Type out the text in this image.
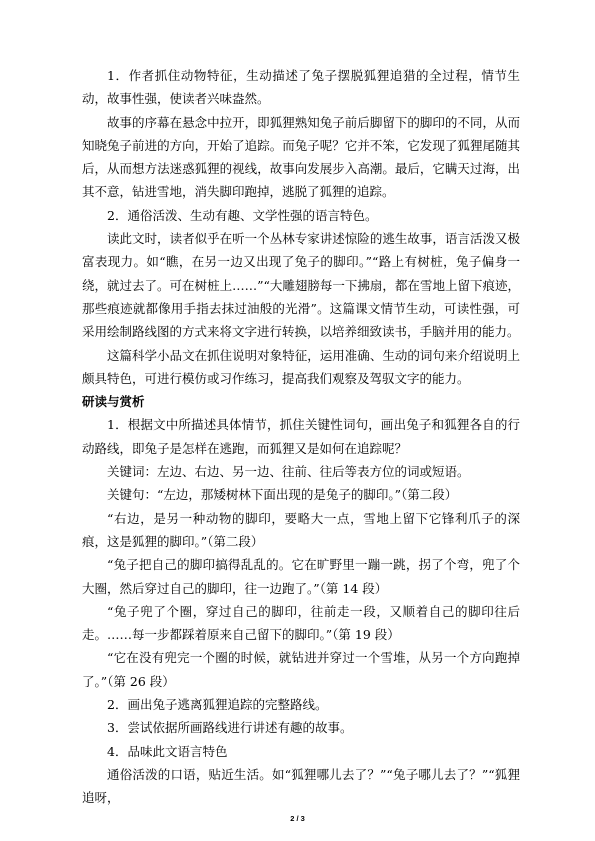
1．作者抓住动物特征，生动描述了兔子摆脱狐狸追猎的全过程，情节生动，故事性强，使读者兴味盎然。

故事的序幕在悬念中拉开，即狐狸熟知兔子前后脚留下的脚印的不同，从而知晓兔子前进的方向，开始了追踪。而兔子呢？它并不笨，它发现了狐狸尾随其后，从而想方法迷惑狐狸的视线，故事向发展步入高潮。最后，它瞒天过海，出其不意，钻进雪地，消失脚印跑掉，逃脱了狐狸的追踪。

2．通俗活泼、生动有趣、文学性强的语言特色。

读此文时，读者似乎在听一个丛林专家讲述惊险的逃生故事，语言活泼又极富表现力。如“瞧，在另一边又出现了兔子的脚印。”“路上有树桩，兔子偏身一绕，就过去了。可在树桩上……”“大雕翅膀每一下拂扇，都在雪地上留下痕迹，那些痕迹就都像用手指去抹过油般的光滑”。这篇课文情节生动，可读性强，可采用绘制路线图的方式来将文字进行转换，以培养细致读书，手脑并用的能力。

这篇科学小品文在抓住说明对象特征，运用准确、生动的词句来介绍说明上颇具特色，可进行模仿或习作练习，提高我们观察及驾驭文字的能力。

研读与赏析

1．根据文中所描述具体情节，抓住关键性词句，画出兔子和狐狸各自的行动路线，即兔子是怎样在逃跑，而狐狸又是如何在追踪呢？

关键词：左边、右边、另一边、往前、往后等表方位的词或短语。

关键句：“左边，那矮树林下面出现的是兔子的脚印。”（第二段）

“右边，是另一种动物的脚印，要略大一点，雪地上留下它锋利爪子的深痕，这是狐狸的脚印。”（第二段）

“兔子把自己的脚印搞得乱乱的。它在旷野里一蹦一跳，拐了个弯，兜了个大圈，然后穿过自己的脚印，往一边跑了。”（第 14 段）

“兔子兜了个圈，穿过自己的脚印，往前走一段，又顺着自己的脚印往后走。……每一步都踩着原来自己留下的脚印。”（第 19 段）

“它在没有兜完一个圈的时候，就钻进并穿过一个雪堆，从另一个方向跑掉了。”（第 26 段）

2．画出兔子逃离狐狸追踪的完整路线。

3．尝试依据所画路线进行讲述有趣的故事。

4．品味此文语言特色

通俗活泼的口语，贴近生活。如“狐狸哪儿去了？”“兔子哪儿去了？”“狐狸追呀，

2 / 3
